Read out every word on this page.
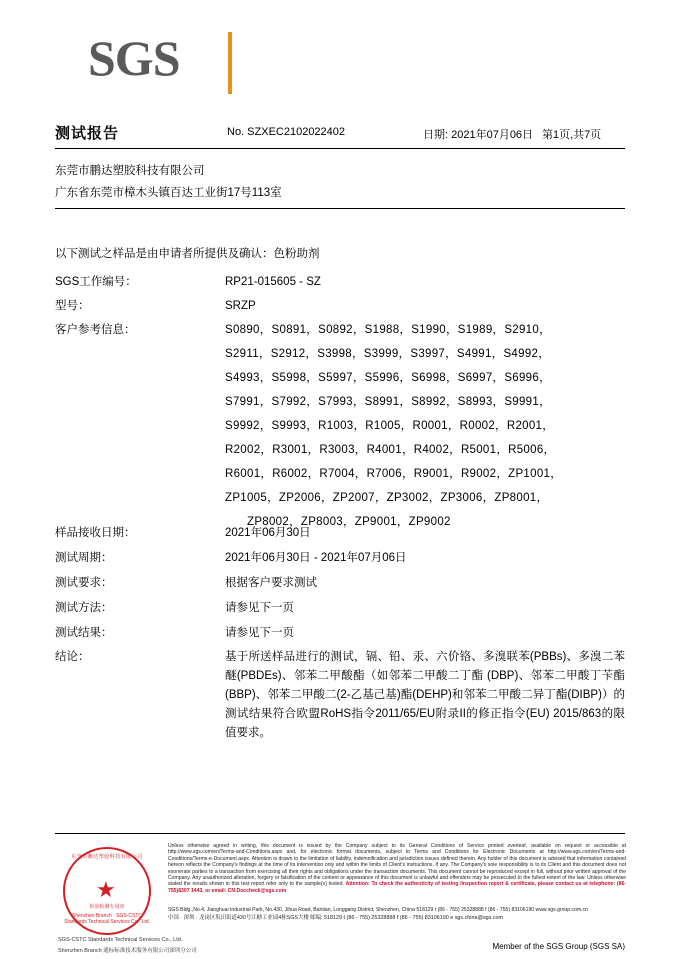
SGS
测试报告	No. SZXEC2102022402	日期: 2021年07月06日 第1页,共7页
东莞市鹏达塑胶科技有限公司
广东省东莞市樟木头镇百达工业街17号113室
以下测试之样品是由申请者所提供及确认：色粉助剂
SGS工作编号：	RP21-015605 - SZ
型号：	SRZP
客户参考信息：	S0890，S0891，S0892，S1988，S1990，S1989，S2910，
S2911，S2912，S3998，S3999，S3997，S4991，S4992，
S4993，S5998，S5997，S5996，S6998，S6997，S6996，
S7991，S7992，S7993，S8991，S8992，S8993，S9991，
S9992，S9993，R1003，R1005，R0001，R0002，R2001，
R2002，R3001，R3003，R4001，R4002，R5001，R5006，
R6001，R6002，R7004，R7006，R9001，R9002，ZP1001，
ZP1005，ZP2006，ZP2007，ZP3002，ZP3006，ZP8001，
ZP8002，ZP8003，ZP9001，ZP9002
样品接收日期：	2021年06月30日
测试周期：	2021年06月30日 - 2021年07月06日
测试要求：	根据客户要求测试
测试方法：	请参见下一页
测试结果：	请参见下一页
结论：	基于所送样品进行的测试，镉、铅、汞、六价铬、多溴联苯(PBBs)、多溴二苯醚(PBDEs)、邻苯二甲酸酯（如邻苯二甲酸二丁酯 (DBP)、邻苯二甲酸丁苄酯(BBP)、邻苯二甲酸二(2-乙基己基)酯(DEHP)和邻苯二甲酸二异丁酯(DIBP)）的测试结果符合欧盟RoHS指令2011/65/EU附录II的修正指令(EU) 2015/863的限值要求。
东莞市鹏达塑胶科技有限公司
★
检验检测专用章
Shenzhen Branch · SGS-CSTC Standards Technical Services Co., Ltd.
SGS-CSTC Standards Technical Services Co., Ltd.
Shenzhen Branch 通标标准技术服务有限公司深圳分公司
Unless otherwise agreed in writing, this document is issued by the Company subject to its General Conditions of Service printed overleaf, available on request or accessible at http://www.sgs.com/en/Terms-and-Conditions.aspx and, for electronic format documents, subject to Terms and Conditions for Electronic Documents at http://www.sgs.com/en/Terms-and-Conditions/Terms-e-Document.aspx. Attention is drawn to the limitation of liability, indemnification and jurisdiction issues defined therein. Any holder of this document is advised that information contained hereon reflects the Company's findings at the time of its intervention only and within the limits of Client's instructions, if any. The Company's sole responsibility is to its Client and this document does not exonerate parties to a transaction from exercising all their rights and obligations under the transaction documents. This document cannot be reproduced except in full, without prior written approval of the Company. Any unauthorized alteration, forgery or falsification of the content or appearance of this document is unlawful and offenders may be prosecuted to the fullest extent of the law. Unless otherwise stated the results shown in this test report refer only to the sample(s) tested. Attention: To check the authenticity of testing /inspection report & certificate, please contact us at telephone: (86-755)8307 1443, or email: CN.Doccheck@sgs.com
SGS Bldg.,No.4, Jianghuai Industrial Park, No.430, Jihua Road, Bantian, Longgang District, Shenzhen, China 518129 t (86 - 755) 25328888 f (86 - 755) 83106190 www.sgs.group.com.cn
中国 · 深圳 · 龙岗区坂田街道430号江糖工业园4栋SGS大楼 邮编: 518129 t (86 - 755) 25328888 f (86 - 755) 83106190 e sgs.china@sgs.com
Member of the SGS Group (SGS SA)
